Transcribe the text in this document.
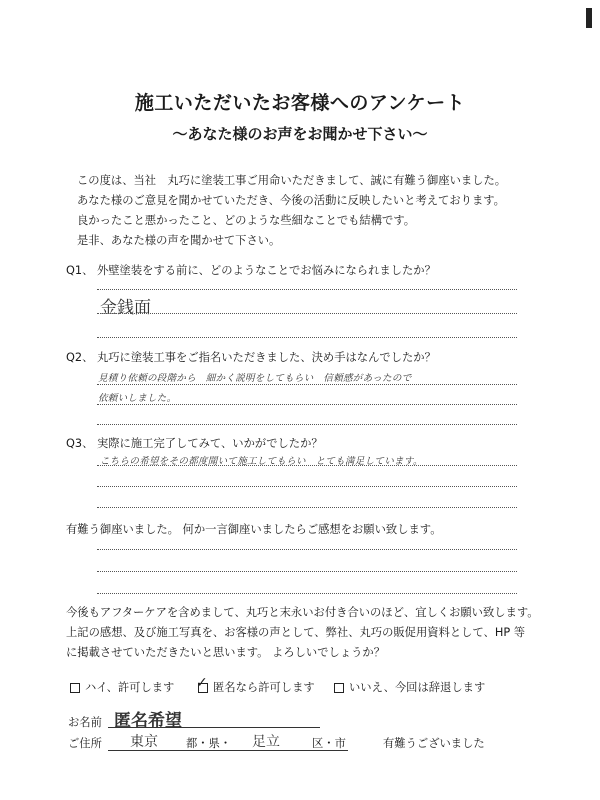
施工いただいたお客様へのアンケート
～あなた様のお声をお聞かせ下さい～
この度は、当社　丸巧に塗装工事ご用命いただきまして、誠に有難う御座いました。
あなた様のご意見を聞かせていただき、今後の活動に反映したいと考えております。
良かったこと悪かったこと、どのような些細なことでも結構です。
是非、あなた様の声を聞かせて下さい。
Q1、 外壁塗装をする前に、どのようなことでお悩みになられましたか？
金銭面
Q2、 丸巧に塗装工事をご指名いただきました、決め手はなんでしたか？
見積り依頼の段階から　細かく説明をしてもらい　信頼感があったので
依頼いしました。
Q3、 実際に施工完了してみて、いかがでしたか？
こちらの希望をその都度聞いて施工してもらい　とても満足しています。
有難う御座いました。 何か一言御座いましたらご感想をお願い致します。
今後もアフターケアを含めまして、丸巧と末永いお付き合いのほど、宜しくお願い致します。
上記の感想、及び施工写真を、お客様の声として、弊社、丸巧の販促用資料として、HP 等
に掲載させていただきたいと思います。 よろしいでしょうか？
ハイ、許可します ✓ 匿名なら許可します	いいえ、今回は辞退します
お名前 匿名希望
ご住所 東京 都・県・ 足立	区・市	有難うございました
